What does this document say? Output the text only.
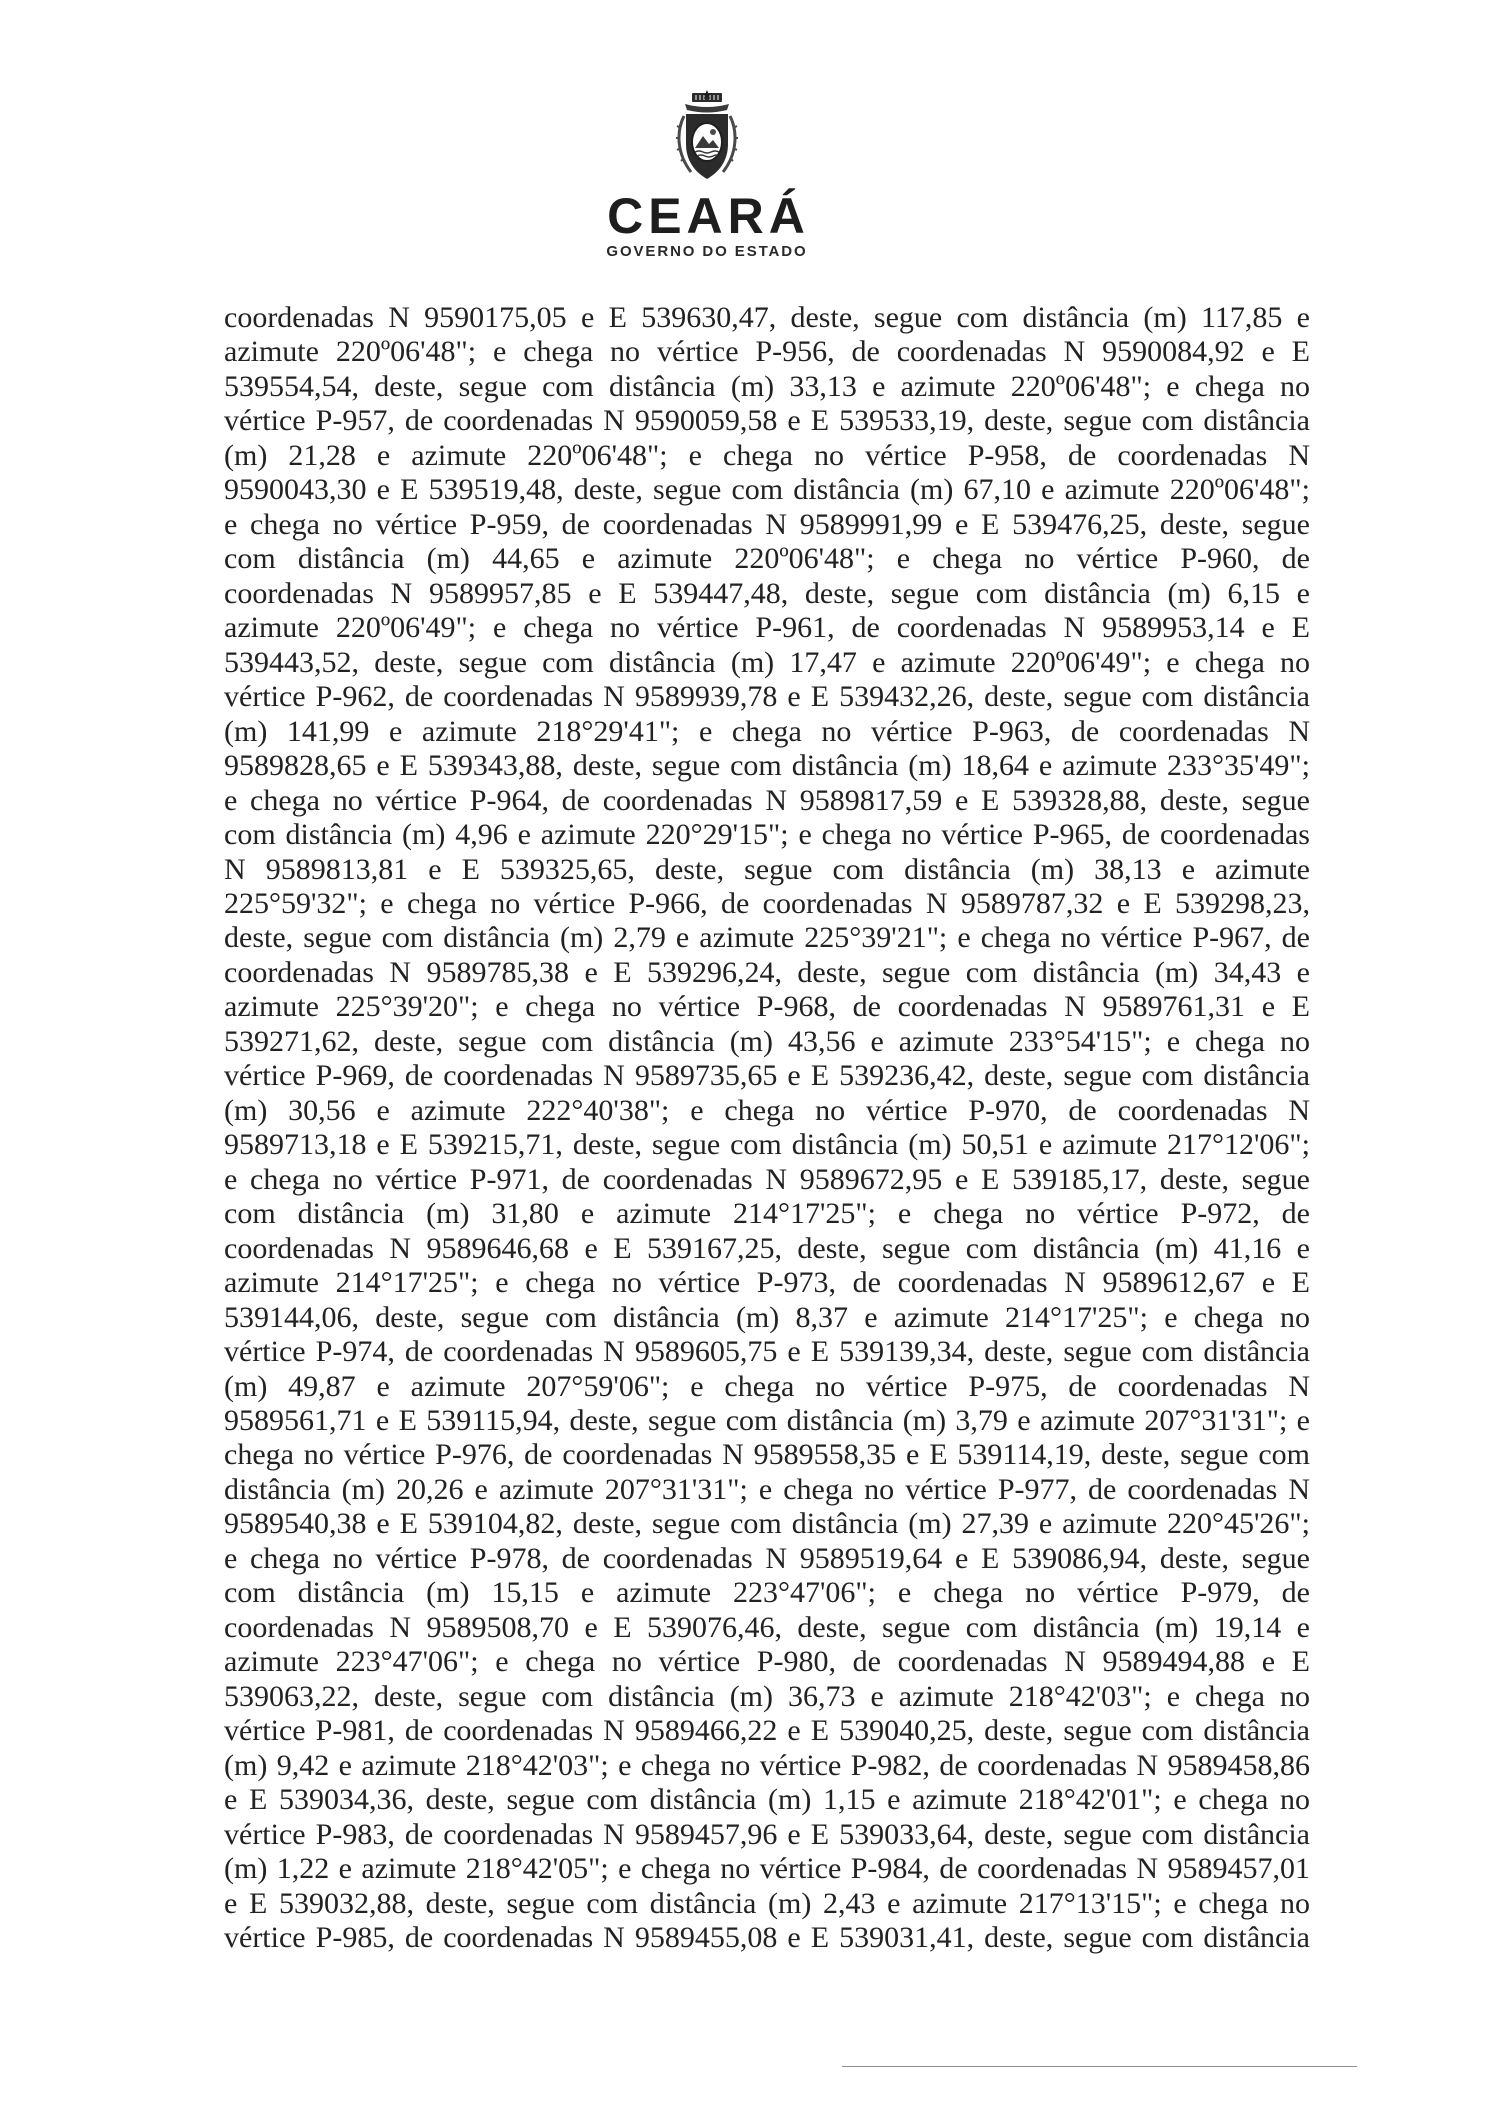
CEARÁ
GOVERNO DO ESTADO
coordenadas N 9590175,05 e E 539630,47, deste, segue com distância (m) 117,85 e
azimute 220º06'48"; e chega no vértice P-956, de coordenadas N 9590084,92 e E
539554,54, deste, segue com distância (m) 33,13 e azimute 220º06'48"; e chega no
vértice P-957, de coordenadas N 9590059,58 e E 539533,19, deste, segue com distância
(m) 21,28 e azimute 220º06'48"; e chega no vértice P-958, de coordenadas N
9590043,30 e E 539519,48, deste, segue com distância (m) 67,10 e azimute 220º06'48";
e chega no vértice P-959, de coordenadas N 9589991,99 e E 539476,25, deste, segue
com distância (m) 44,65 e azimute 220º06'48"; e chega no vértice P-960, de
coordenadas N 9589957,85 e E 539447,48, deste, segue com distância (m) 6,15 e
azimute 220º06'49"; e chega no vértice P-961, de coordenadas N 9589953,14 e E
539443,52, deste, segue com distância (m) 17,47 e azimute 220º06'49"; e chega no
vértice P-962, de coordenadas N 9589939,78 e E 539432,26, deste, segue com distância
(m) 141,99 e azimute 218°29'41"; e chega no vértice P-963, de coordenadas N
9589828,65 e E 539343,88, deste, segue com distância (m) 18,64 e azimute 233°35'49";
e chega no vértice P-964, de coordenadas N 9589817,59 e E 539328,88, deste, segue
com distância (m) 4,96 e azimute 220°29'15"; e chega no vértice P-965, de coordenadas
N 9589813,81 e E 539325,65, deste, segue com distância (m) 38,13 e azimute
225°59'32"; e chega no vértice P-966, de coordenadas N 9589787,32 e E 539298,23,
deste, segue com distância (m) 2,79 e azimute 225°39'21"; e chega no vértice P-967, de
coordenadas N 9589785,38 e E 539296,24, deste, segue com distância (m) 34,43 e
azimute 225°39'20"; e chega no vértice P-968, de coordenadas N 9589761,31 e E
539271,62, deste, segue com distância (m) 43,56 e azimute 233°54'15"; e chega no
vértice P-969, de coordenadas N 9589735,65 e E 539236,42, deste, segue com distância
(m) 30,56 e azimute 222°40'38"; e chega no vértice P-970, de coordenadas N
9589713,18 e E 539215,71, deste, segue com distância (m) 50,51 e azimute 217°12'06";
e chega no vértice P-971, de coordenadas N 9589672,95 e E 539185,17, deste, segue
com distância (m) 31,80 e azimute 214°17'25"; e chega no vértice P-972, de
coordenadas N 9589646,68 e E 539167,25, deste, segue com distância (m) 41,16 e
azimute 214°17'25"; e chega no vértice P-973, de coordenadas N 9589612,67 e E
539144,06, deste, segue com distância (m) 8,37 e azimute 214°17'25"; e chega no
vértice P-974, de coordenadas N 9589605,75 e E 539139,34, deste, segue com distância
(m) 49,87 e azimute 207°59'06"; e chega no vértice P-975, de coordenadas N
9589561,71 e E 539115,94, deste, segue com distância (m) 3,79 e azimute 207°31'31"; e
chega no vértice P-976, de coordenadas N 9589558,35 e E 539114,19, deste, segue com
distância (m) 20,26 e azimute 207°31'31"; e chega no vértice P-977, de coordenadas N
9589540,38 e E 539104,82, deste, segue com distância (m) 27,39 e azimute 220°45'26";
e chega no vértice P-978, de coordenadas N 9589519,64 e E 539086,94, deste, segue
com distância (m) 15,15 e azimute 223°47'06"; e chega no vértice P-979, de
coordenadas N 9589508,70 e E 539076,46, deste, segue com distância (m) 19,14 e
azimute 223°47'06"; e chega no vértice P-980, de coordenadas N 9589494,88 e E
539063,22, deste, segue com distância (m) 36,73 e azimute 218°42'03"; e chega no
vértice P-981, de coordenadas N 9589466,22 e E 539040,25, deste, segue com distância
(m) 9,42 e azimute 218°42'03"; e chega no vértice P-982, de coordenadas N 9589458,86
e E 539034,36, deste, segue com distância (m) 1,15 e azimute 218°42'01"; e chega no
vértice P-983, de coordenadas N 9589457,96 e E 539033,64, deste, segue com distância
(m) 1,22 e azimute 218°42'05"; e chega no vértice P-984, de coordenadas N 9589457,01
e E 539032,88, deste, segue com distância (m) 2,43 e azimute 217°13'15"; e chega no
vértice P-985, de coordenadas N 9589455,08 e E 539031,41, deste, segue com distância
